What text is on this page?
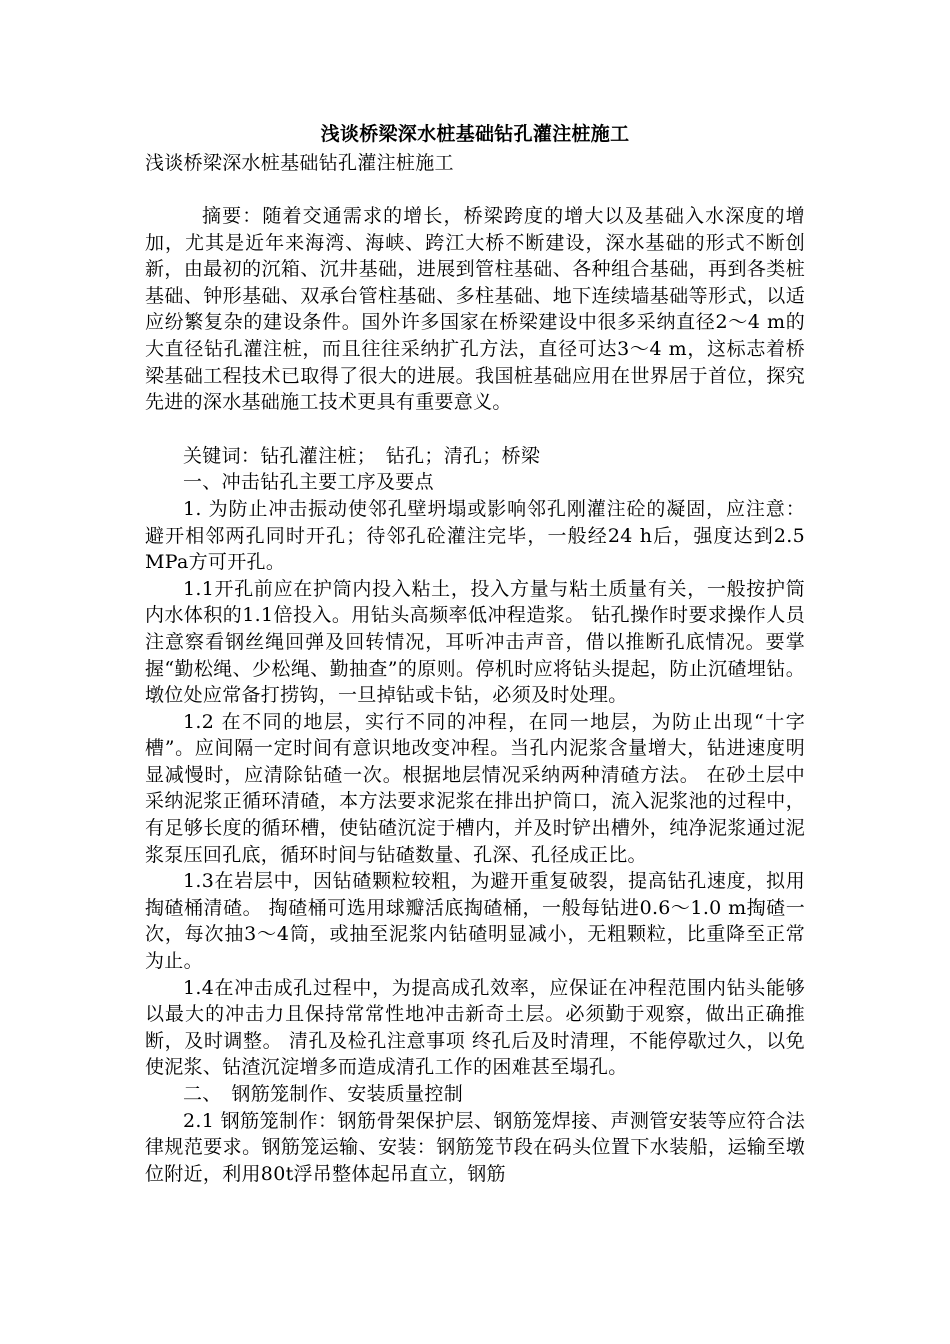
浅谈桥梁深水桩基础钻孔灌注桩施工
浅谈桥梁深水桩基础钻孔灌注桩施工

摘要：随着交通需求的增长，桥梁跨度的增大以及基础入水深度的增加，尤其是近年来海湾、海峡、跨江大桥不断建设，深水基础的形式不断创新，由最初的沉箱、沉井基础，进展到管柱基础、各种组合基础，再到各类桩基础、钟形基础、双承台管柱基础、多柱基础、地下连续墙基础等形式，以适应纷繁复杂的建设条件。国外许多国家在桥梁建设中很多采纳直径2～4 m的大直径钻孔灌注桩，而且往往采纳扩孔方法，直径可达3～4 m，这标志着桥梁基础工程技术已取得了很大的进展。我国桩基础应用在世界居于首位，探究先进的深水基础施工技术更具有重要意义。

关键词：钻孔灌注桩；　钻孔；清孔；桥梁

一、冲击钻孔主要工序及要点

1. 为防止冲击振动使邻孔壁坍塌或影响邻孔刚灌注砼的凝固，应注意：避开相邻两孔同时开孔；待邻孔砼灌注完毕，一般经24 h后，强度达到2.5 MPa方可开孔。

1.1开孔前应在护筒内投入粘土，投入方量与粘土质量有关，一般按护筒内水体积的1.1倍投入。用钻头高频率低冲程造浆。 钻孔操作时要求操作人员注意察看钢丝绳回弹及回转情况，耳听冲击声音，借以推断孔底情况。要掌握“勤松绳、少松绳、勤抽查”的原则。停机时应将钻头提起，防止沉碴埋钻。墩位处应常备打捞钩，一旦掉钻或卡钻，必须及时处理。

1.2 在不同的地层，实行不同的冲程，在同一地层，为防止出现“十字槽”。应间隔一定时间有意识地改变冲程。当孔内泥浆含量增大，钻进速度明显减慢时，应清除钻碴一次。根据地层情况采纳两种清碴方法。 在砂土层中采纳泥浆正循环清碴，本方法要求泥浆在排出护筒口，流入泥浆池的过程中，有足够长度的循环槽，使钻碴沉淀于槽内，并及时铲出槽外，纯净泥浆通过泥浆泵压回孔底，循环时间与钻碴数量、孔深、孔径成正比。

1.3在岩层中，因钻碴颗粒较粗，为避开重复破裂，提高钻孔速度，拟用掏碴桶清碴。 掏碴桶可选用球瓣活底掏碴桶，一般每钻进0.6～1.0 m掏碴一次，每次抽3～4筒，或抽至泥浆内钻碴明显减小，无粗颗粒，比重降至正常为止。

1.4在冲击成孔过程中，为提高成孔效率，应保证在冲程范围内钻头能够以最大的冲击力且保持常常性地冲击新奇土层。必须勤于观察，做出正确推断，及时调整。 清孔及检孔注意事项 终孔后及时清理，不能停歇过久，以免使泥浆、钻渣沉淀增多而造成清孔工作的困难甚至塌孔。

二、　钢筋笼制作、安装质量控制

2.1 钢筋笼制作：钢筋骨架保护层、钢筋笼焊接、声测管安装等应符合法律规范要求。钢筋笼运输、安装：钢筋笼节段在码头位置下水装船，运输至墩位附近，利用80t浮吊整体起吊直立，钢筋
